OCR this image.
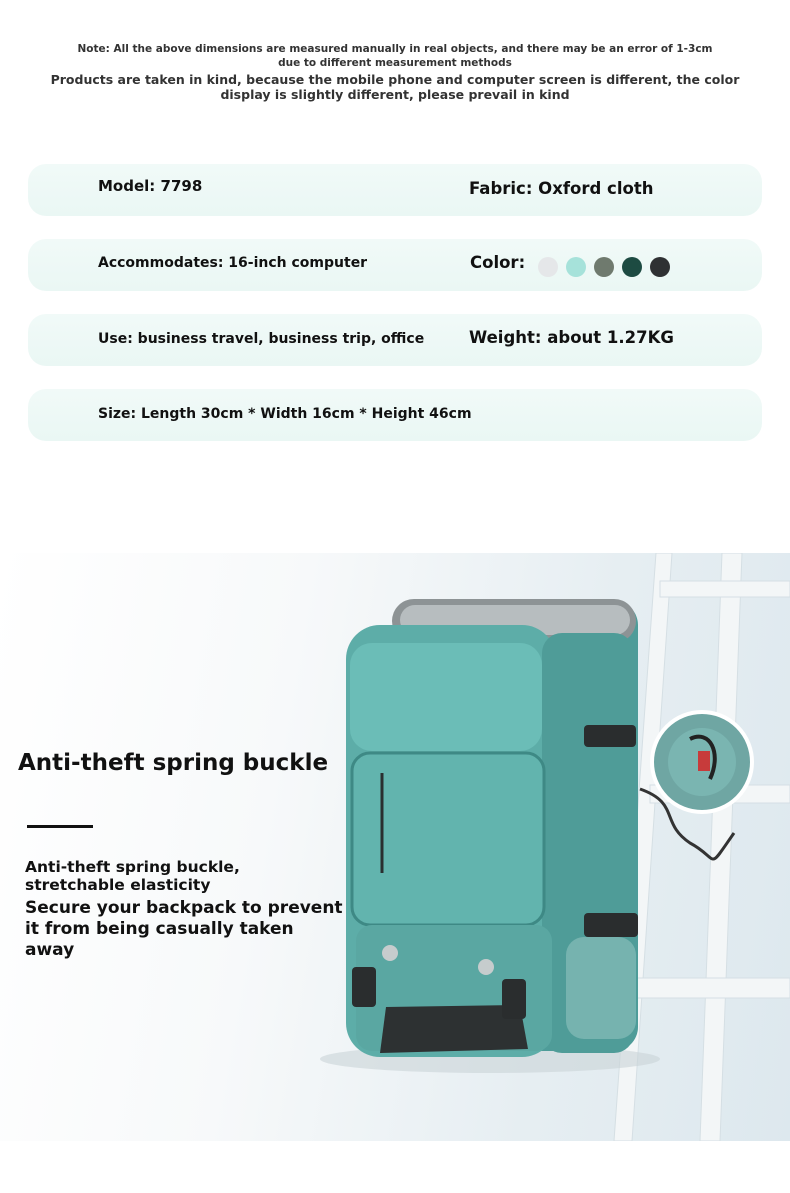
Note: All the above dimensions are measured manually in real objects, and there may be an error of 1-3cm
due to different measurement methods
Products are taken in kind, because the mobile phone and computer screen is different, the color
display is slightly different, please prevail in kind
Model: 7798	Fabric: Oxford cloth
Accommodates: 16-inch computer	Color:
Use: business travel, business trip, office	Weight: about 1.27KG
Size: Length 30cm * Width 16cm * Height 46cm
Anti-theft spring buckle
Anti-theft spring buckle, stretchable elasticity
Secure your backpack to prevent it from being casually taken away
